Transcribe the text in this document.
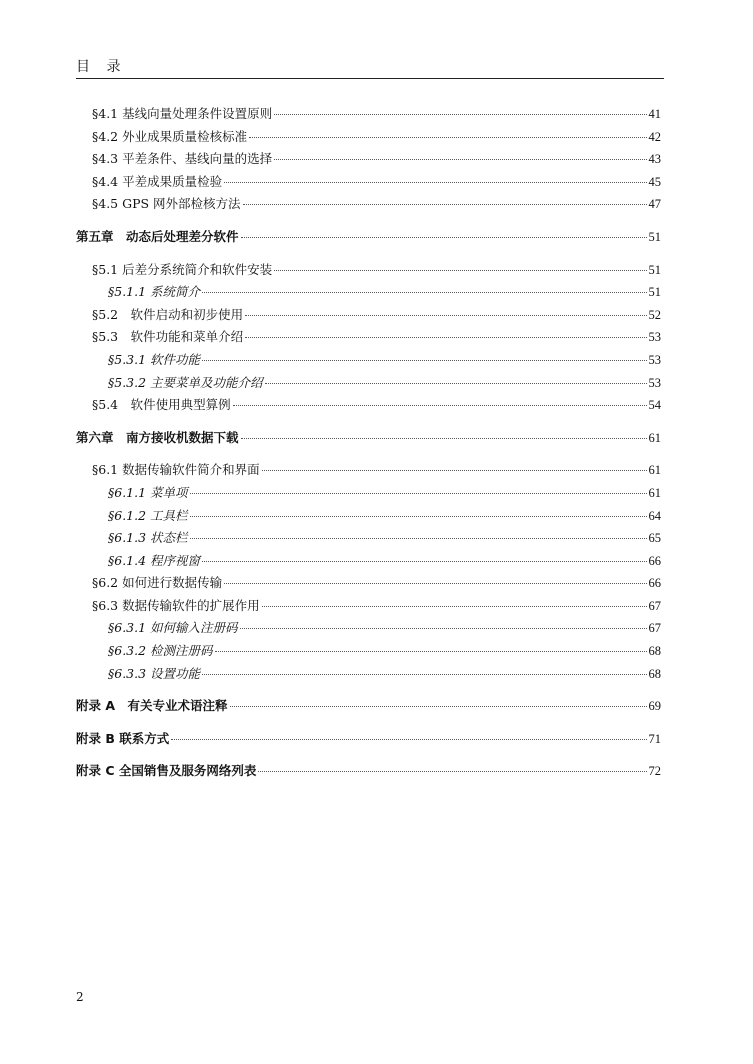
目 录
§4.1 基线向量处理条件设置原则	41
§4.2 外业成果质量检核标准	42
§4.3 平差条件、基线向量的选择	43
§4.4 平差成果质量检验	45
§4.5 GPS 网外部检核方法	47
第五章　动态后处理差分软件	51
§5.1 后差分系统简介和软件安装	51
§5.1.1 系统简介	51
§5.2　软件启动和初步使用	52
§5.3　软件功能和菜单介绍	53
§5.3.1 软件功能	53
§5.3.2 主要菜单及功能介绍	53
§5.4　软件使用典型算例	54
第六章　南方接收机数据下载	61
§6.1 数据传输软件简介和界面	61
§6.1.1 菜单项	61
§6.1.2 工具栏	64
§6.1.3 状态栏	65
§6.1.4 程序视窗	66
§6.2 如何进行数据传输	66
§6.3 数据传输软件的扩展作用	67
§6.3.1 如何输入注册码	67
§6.3.2 检测注册码	68
§6.3.3 设置功能	68
附录 A　有关专业术语注释	69
附录 B 联系方式	71
附录 C 全国销售及服务网络列表	72
2
